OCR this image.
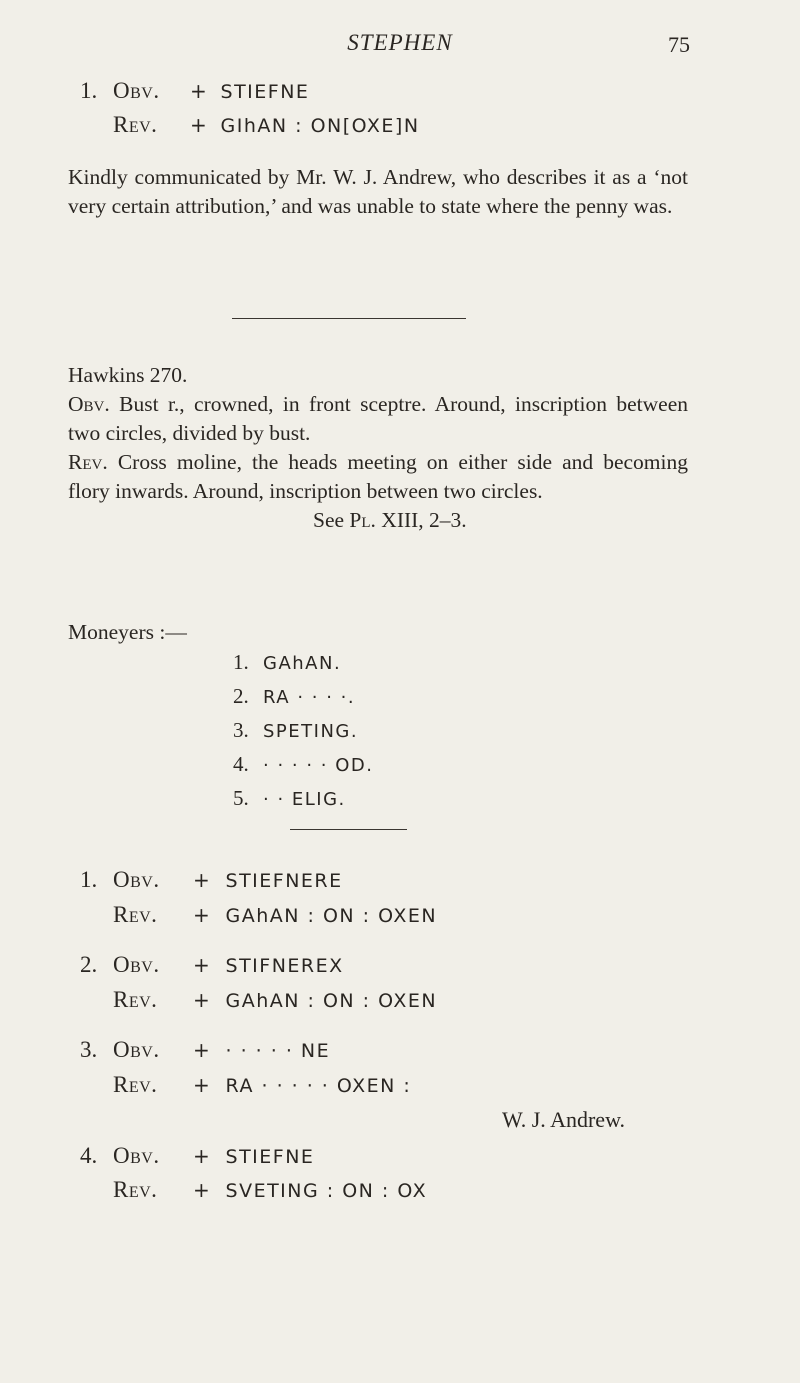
STEPHEN	75
1. Obv. + STIEFNE
Rev. + GIhAN : ON[OXE]N
Kindly communicated by Mr. W. J. Andrew, who describes it as a ‘not very certain attribution,’ and was unable to state where the penny was.
Hawkins 270.
Obv. Bust r., crowned, in front sceptre. Around, inscription between two circles, divided by bust.
Rev. Cross moline, the heads meeting on either side and becoming flory inwards. Around, inscription between two circles.
See Pl. XIII, 2–3.
Moneyers :—
1. GAhAN.
2. RA · · · ·.
3. SPETING.
4. · · · · · OD.
5. · · ELIG.
1. Obv. + STIEFNERE
Rev. + GAhAN : ON : OXEN
2. Obv. + STIFNEREX
Rev. + GAhAN : ON : OXEN
3. Obv. + · · · · · NE
Rev. + RA · · · · · OXEN :
W. J. Andrew.
4. Obv. + STIEFNE
Rev. + SVETING : ON : OX
